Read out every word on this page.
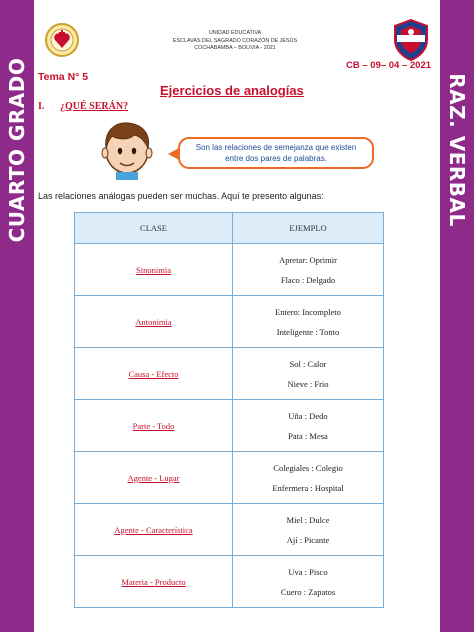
CUARTO GRADO	RAZ. VERBAL
UNIDAD EDUCATIVA
ESCLAVAS DEL SAGRADO CORAZÓN DE JESÚS
COCHABAMBA – BOLIVIA - 2021
CB – 09– 04 – 2021
Tema N° 5
Ejercicios de analogías
I. ¿QUÉ SERÁN?
Son las relaciones de semejanza que existen entre dos pares de palabras.
Las relaciones análogas pueden ser muchas. Aquí te presento algunas:
CLASE	EJEMPLO
Sinonimia	Apretar: Oprimir
Flaco : Delgado

Antonimia	Entero: Incompleto
Inteligente : Tonto

Causa - Efecto	Sol : Calor
Nieve : Frio

Parte - Todo	Uña : Dedo
Pata : Mesa

Agente - Lugar	Colegiales : Colegio
Enfermera : Hospital

Agente - Característica	Miel : Dulce
Ají : Picante

Materia - Producto	Uva : Pisco
Cuero : Zapatos
